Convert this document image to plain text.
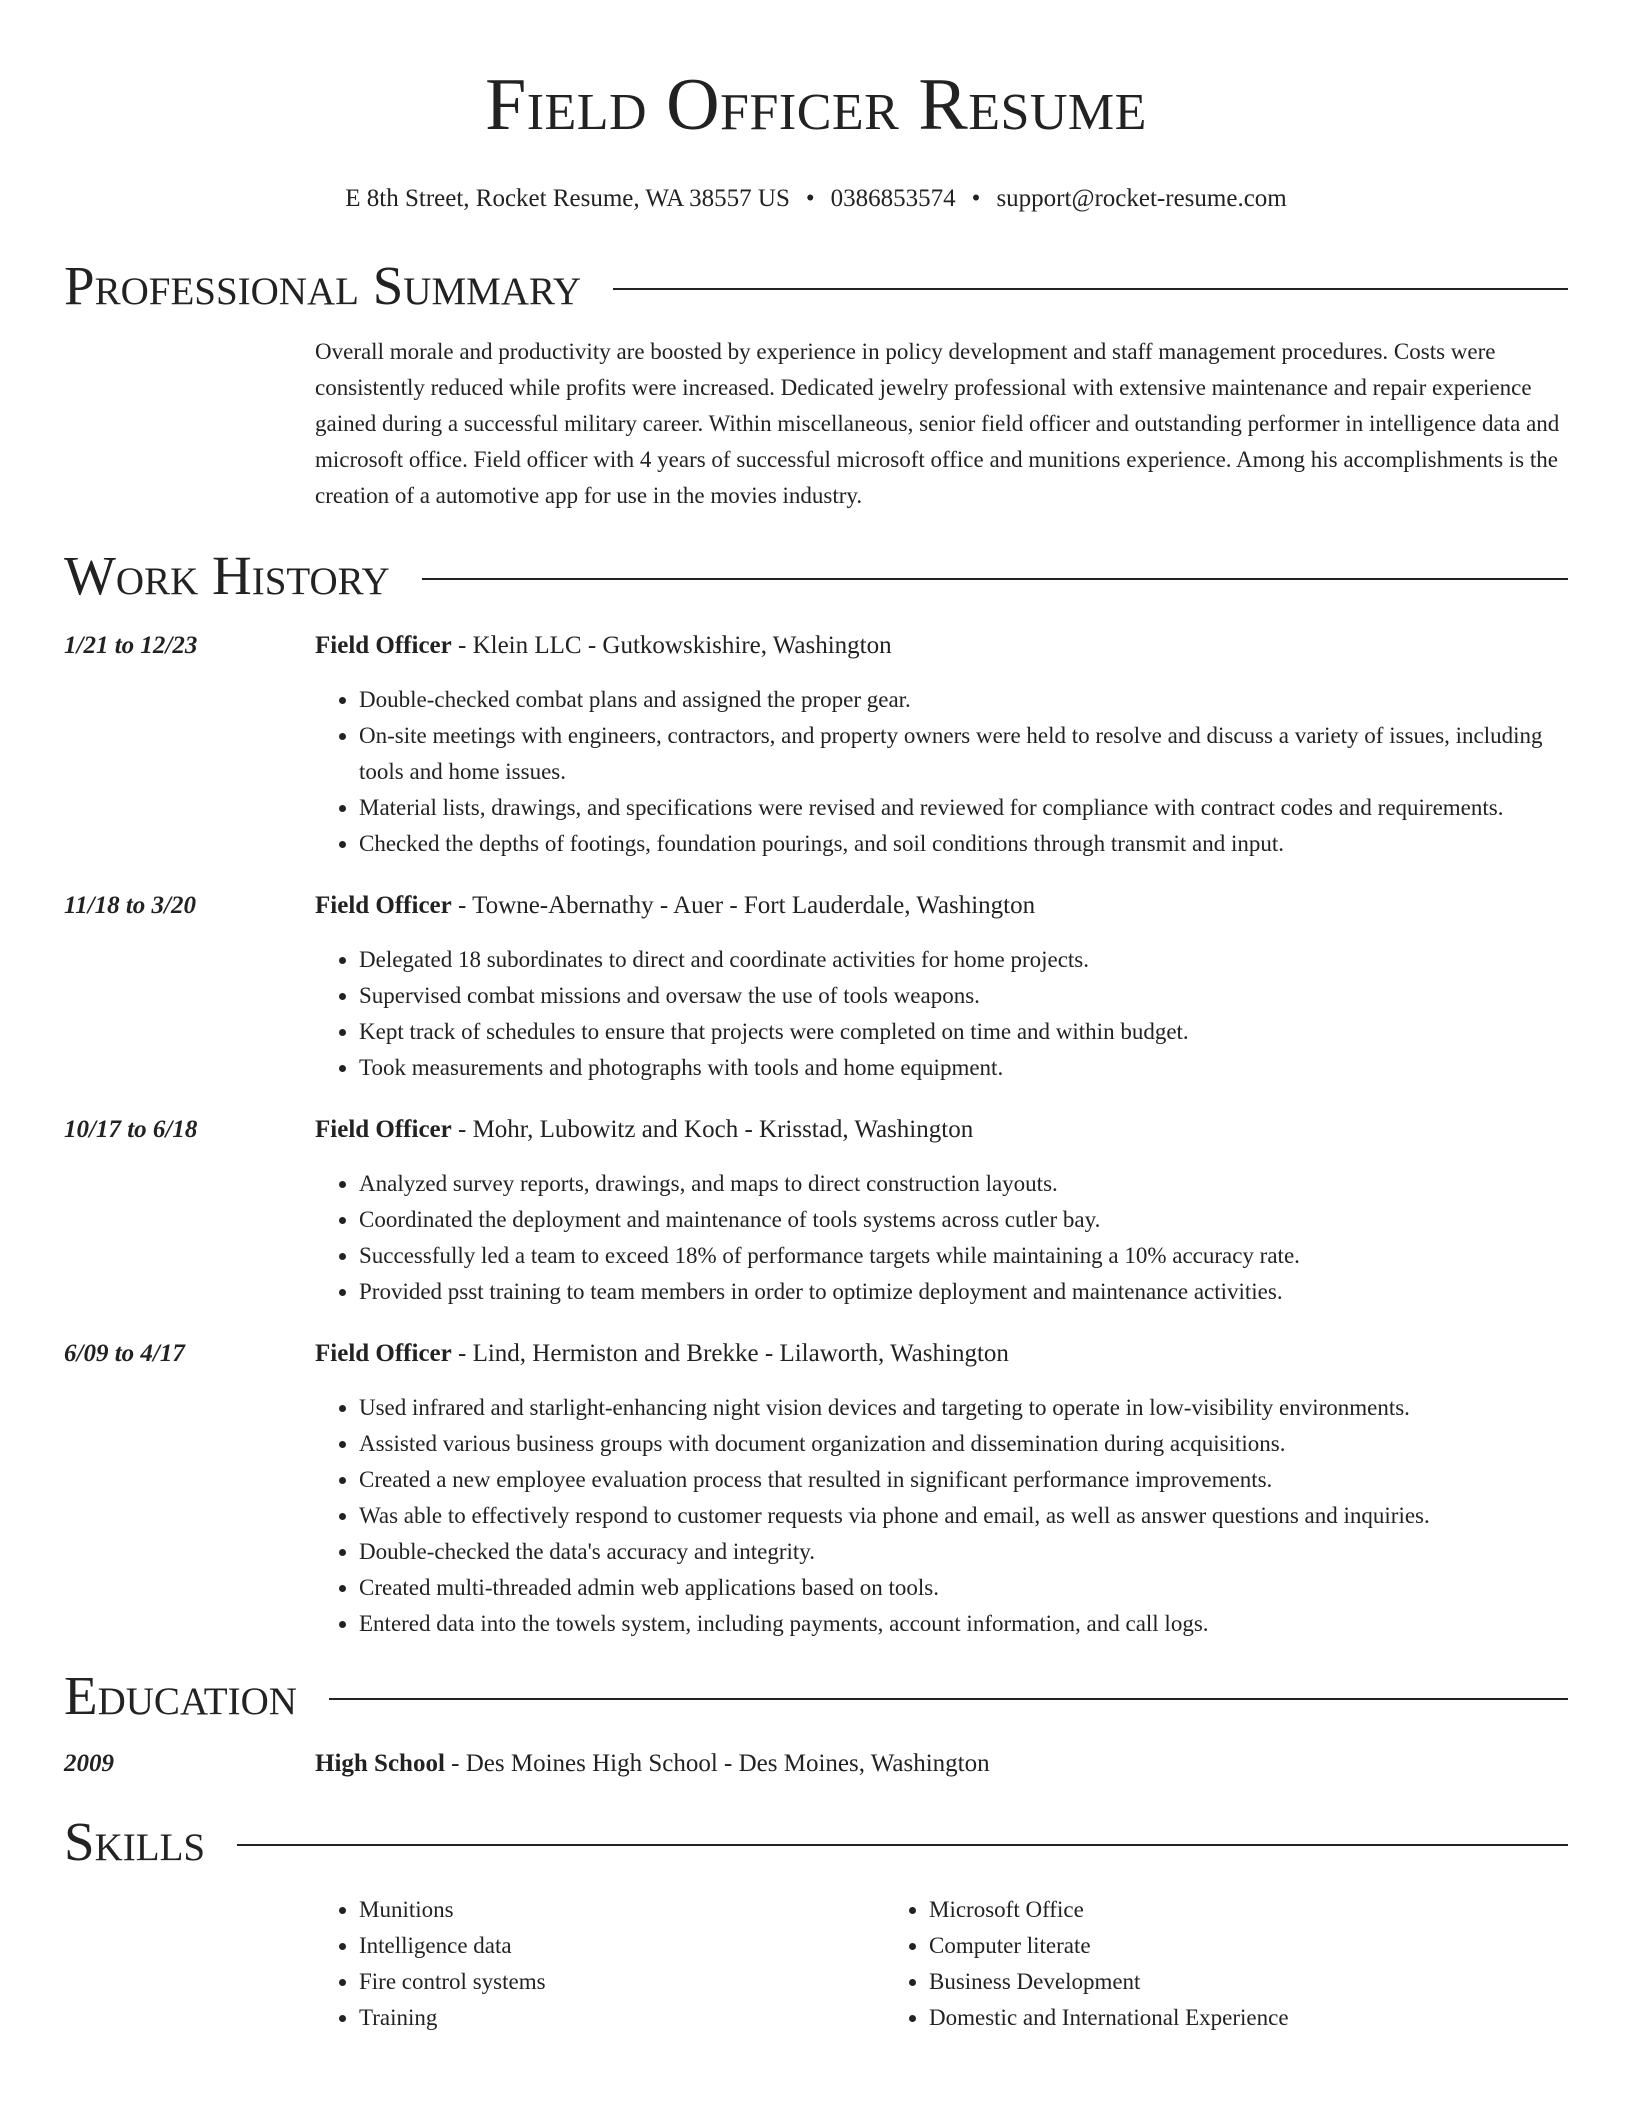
Field Officer Resume
E 8th Street, Rocket Resume, WA 38557 US • 0386853574 • support@rocket-resume.com
Professional Summary
Overall morale and productivity are boosted by experience in policy development and staff management procedures. Costs were consistently reduced while profits were increased. Dedicated jewelry professional with extensive maintenance and repair experience gained during a successful military career. Within miscellaneous, senior field officer and outstanding performer in intelligence data and microsoft office. Field officer with 4 years of successful microsoft office and munitions experience. Among his accomplishments is the creation of a automotive app for use in the movies industry.
Work History
1/21 to 12/23	Field Officer - Klein LLC - Gutkowskishire, Washington
• Double-checked combat plans and assigned the proper gear.
• On-site meetings with engineers, contractors, and property owners were held to resolve and discuss a variety of issues, including tools and home issues.
• Material lists, drawings, and specifications were revised and reviewed for compliance with contract codes and requirements.
• Checked the depths of footings, foundation pourings, and soil conditions through transmit and input.
11/18 to 3/20	Field Officer - Towne-Abernathy - Auer - Fort Lauderdale, Washington
• Delegated 18 subordinates to direct and coordinate activities for home projects.
• Supervised combat missions and oversaw the use of tools weapons.
• Kept track of schedules to ensure that projects were completed on time and within budget.
• Took measurements and photographs with tools and home equipment.
10/17 to 6/18	Field Officer - Mohr, Lubowitz and Koch - Krisstad, Washington
• Analyzed survey reports, drawings, and maps to direct construction layouts.
• Coordinated the deployment and maintenance of tools systems across cutler bay.
• Successfully led a team to exceed 18% of performance targets while maintaining a 10% accuracy rate.
• Provided psst training to team members in order to optimize deployment and maintenance activities.
6/09 to 4/17	Field Officer - Lind, Hermiston and Brekke - Lilaworth, Washington
• Used infrared and starlight-enhancing night vision devices and targeting to operate in low-visibility environments.
• Assisted various business groups with document organization and dissemination during acquisitions.
• Created a new employee evaluation process that resulted in significant performance improvements.
• Was able to effectively respond to customer requests via phone and email, as well as answer questions and inquiries.
• Double-checked the data's accuracy and integrity.
• Created multi-threaded admin web applications based on tools.
• Entered data into the towels system, including payments, account information, and call logs.
Education
2009	High School - Des Moines High School - Des Moines, Washington
Skills
• Munitions
• Intelligence data
• Fire control systems
• Training
• Microsoft Office
• Computer literate
• Business Development
• Domestic and International Experience
